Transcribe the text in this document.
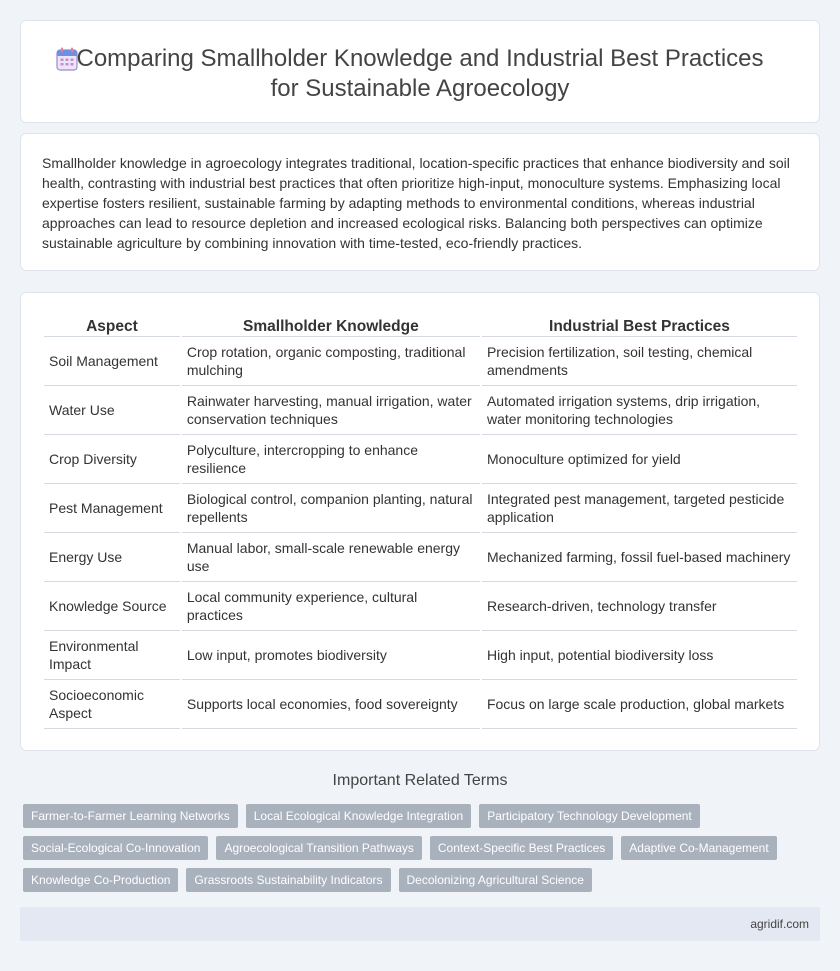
Comparing Smallholder Knowledge and Industrial Best Practices
for Sustainable Agroecology

Smallholder knowledge in agroecology integrates traditional, location-specific practices that enhance biodiversity and soil health, contrasting with industrial best practices that often prioritize high-input, monoculture systems. Emphasizing local expertise fosters resilient, sustainable farming by adapting methods to environmental conditions, whereas industrial approaches can lead to resource depletion and increased ecological risks. Balancing both perspectives can optimize sustainable agriculture by combining innovation with time-tested, eco-friendly practices.

Aspect	Smallholder Knowledge	Industrial Best Practices
Soil Management	Crop rotation, organic composting, traditional mulching	Precision fertilization, soil testing, chemical amendments
Water Use	Rainwater harvesting, manual irrigation, water conservation techniques	Automated irrigation systems, drip irrigation, water monitoring technologies
Crop Diversity	Polyculture, intercropping to enhance resilience	Monoculture optimized for yield
Pest Management	Biological control, companion planting, natural repellents	Integrated pest management, targeted pesticide application
Energy Use	Manual labor, small-scale renewable energy use	Mechanized farming, fossil fuel-based machinery
Knowledge Source	Local community experience, cultural practices	Research-driven, technology transfer
Environmental Impact	Low input, promotes biodiversity	High input, potential biodiversity loss
Socioeconomic Aspect	Supports local economies, food sovereignty	Focus on large scale production, global markets
Important Related Terms
Farmer-to-Farmer Learning Networks	Local Ecological Knowledge Integration	Participatory Technology Development
Social-Ecological Co-Innovation	Agroecological Transition Pathways	Context-Specific Best Practices	Adaptive Co-Management
Knowledge Co-Production	Grassroots Sustainability Indicators	Decolonizing Agricultural Science
agridif.com
